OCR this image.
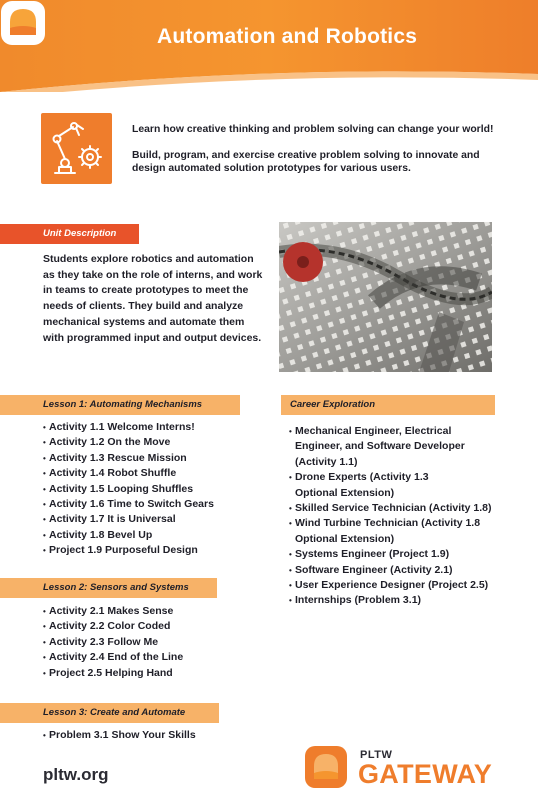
Automation and Robotics

Learn how creative thinking and problem solving can change your world!

Build, program, and exercise creative problem solving to innovate and design automated solution prototypes for various users.

Unit Description
Students explore robotics and automation as they take on the role of interns, and work in teams to create prototypes to meet the needs of clients. They build and analyze mechanical systems and automate them with programmed input and output devices.
Lesson 1: Automating Mechanisms
• Activity 1.1 Welcome Interns!
• Activity 1.2 On the Move
• Activity 1.3 Rescue Mission
• Activity 1.4 Robot Shuffle
• Activity 1.5 Looping Shuffles
• Activity 1.6 Time to Switch Gears
• Activity 1.7 It is Universal
• Activity 1.8 Bevel Up
• Project 1.9 Purposeful Design
Lesson 2: Sensors and Systems
• Activity 2.1 Makes Sense
• Activity 2.2 Color Coded
• Activity 2.3 Follow Me
• Activity 2.4 End of the Line
• Project 2.5 Helping Hand
Lesson 3: Create and Automate
• Problem 3.1 Show Your Skills
Career Exploration
• Mechanical Engineer, Electrical
Engineer, and Software Developer
(Activity 1.1)
• Drone Experts (Activity 1.3
Optional Extension)
• Skilled Service Technician (Activity 1.8)
• Wind Turbine Technician (Activity 1.8
Optional Extension)
• Systems Engineer (Project 1.9)
• Software Engineer (Activity 2.1)
• User Experience Designer (Project 2.5)
• Internships (Problem 3.1)
pltw.org
PLTW
GATEWAY
